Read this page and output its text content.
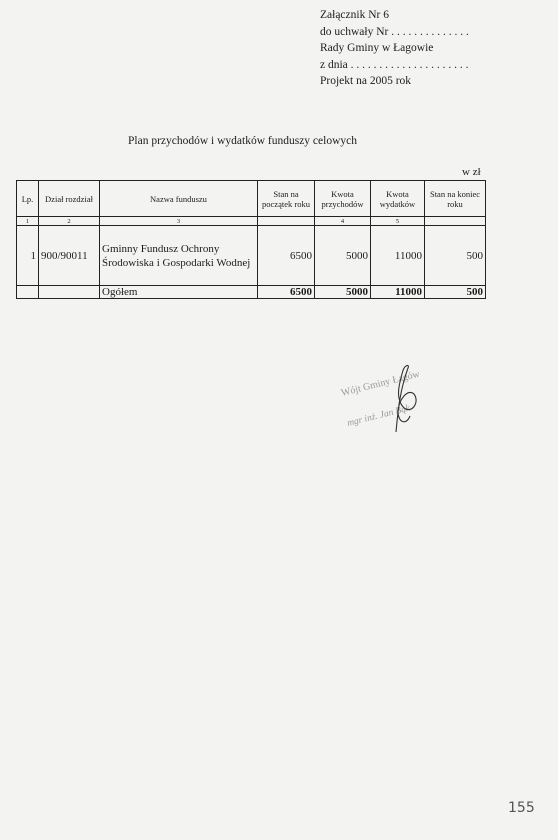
Załącznik Nr 6
do uchwały Nr . . . . . . . . . . . . . .
Rady Gminy w Łagowie
z dnia . . . . . . . . . . . . . . . . . . . . .
Projekt na 2005 rok
Plan przychodów i wydatków funduszy celowych
w zł
Lp.	Dział rozdział	Nazwa funduszu	Stan na początek roku	Kwota przychodów	Kwota wydatków	Stan na koniec roku
1	2	3		4	5	
1	900/90011	Gminny Fundusz Ochrony Środowiska i Gospodarki Wodnej	6500	5000	11000	500
		Ogółem	6500	5000	11000	500
Wójt Gminy Łagów
mgr inż. Jan Bąk
155
